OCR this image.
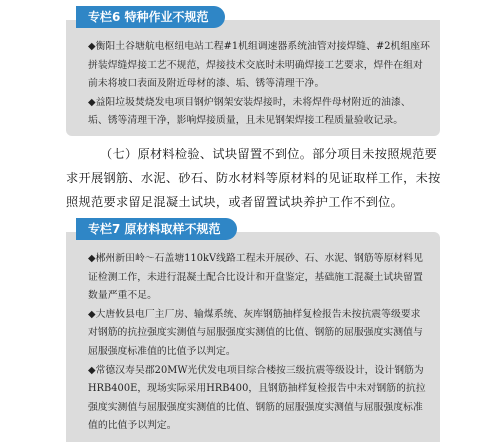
专栏6 特种作业不规范
◆衡阳土谷塘航电枢纽电站工程#1机组调速器系统油管对接焊缝、#2机组座环拼装焊缝焊接工艺不规范，焊接技术交底时未明确焊接工艺要求，焊件在组对前未将坡口表面及附近母材的漆、垢、锈等清理干净。
◆益阳垃圾焚烧发电项目钢炉钢架安装焊接时，未将焊件母材附近的油漆、垢、锈等清理干净，影响焊接质量，且未见钢架焊接工程质量验收记录。

（七）原材料检验、试块留置不到位。部分项目未按照规范要求开展钢筋、水泥、砂石、防水材料等原材料的见证取样工作，未按照规范要求留足混凝土试块，或者留置试块养护工作不到位。

专栏7 原材料取样不规范
◆郴州新田岭～石盖塘110kV线路工程未开展砂、石、水泥、钢筋等原材料见证检测工作，未进行混凝土配合比设计和开盘鉴定，基础施工混凝土试块留置数量严重不足。
◆大唐攸县电厂主厂房、输煤系统、灰库钢筋抽样复检报告未按抗震等级要求对钢筋的抗拉强度实测值与屈服强度实测值的比值、钢筋的屈服强度实测值与屈服强度标准值的比值予以判定。
◆常德汉寿吴郡20MW光伏发电项目综合楼按三级抗震等级设计，设计钢筋为HRB400E，现场实际采用HRB400，且钢筋抽样复检报告中未对钢筋的抗拉强度实测值与屈服强度实测值的比值、钢筋的屈服强度实测值与屈服强度标准值的比值予以判定。
